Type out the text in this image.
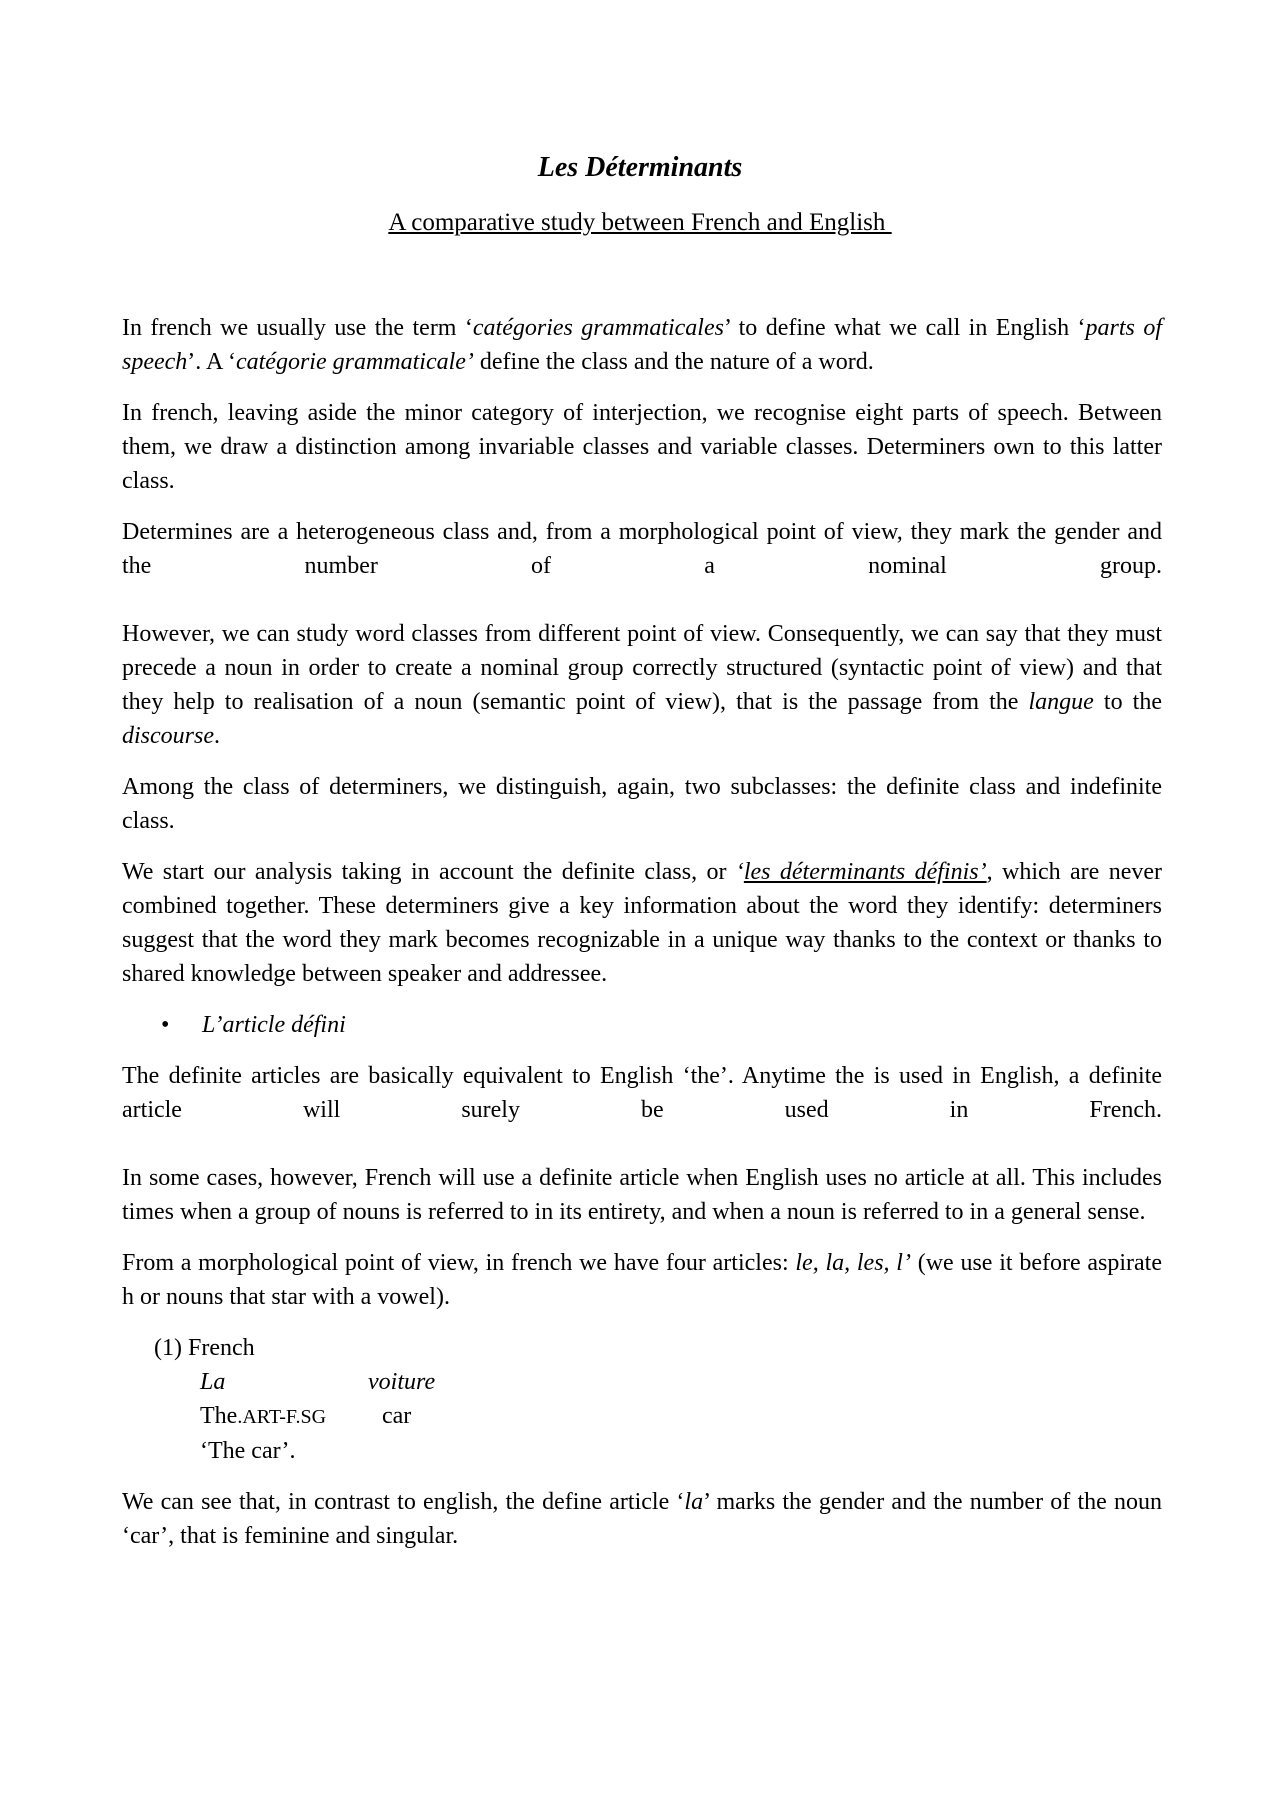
Les Déterminants
A comparative study between French and English

In french we usually use the term ‘catégories grammaticales’ to define what we call in English ‘parts of speech’. A ‘catégorie grammaticale’ define the class and the nature of a word.

In french, leaving aside the minor category of interjection, we recognise eight parts of speech. Between them, we draw a distinction among invariable classes and variable classes. Determiners own to this latter class.

Determines are a heterogeneous class and, from a morphological point of view, they mark the gender and the number of a nominal group.

However, we can study word classes from different point of view. Consequently, we can say that they must precede a noun in order to create a nominal group correctly structured (syntactic point of view) and that they help to realisation of a noun (semantic point of view), that is the passage from the langue to the discourse.

Among the class of determiners, we distinguish, again, two subclasses: the definite class and indefinite class.

We start our analysis taking in account the definite class, or ‘les déterminants définis’, which are never combined together. These determiners give a key information about the word they identify: determiners suggest that the word they mark becomes recognizable in a unique way thanks to the context or thanks to shared knowledge between speaker and addressee.

•	L’article défini

The definite articles are basically equivalent to English ‘the’. Anytime the is used in English, a definite article will surely be used in French.

In some cases, however, French will use a definite article when English uses no article at all. This includes times when a group of nouns is referred to in its entirety, and when a noun is referred to in a general sense.

From a morphological point of view, in french we have four articles: le, la, les, l’ (we use it before aspirate h or nouns that star with a vowel).

(1) French
La	voiture
The.ART-F.SG	car
‘The car’.

We can see that, in contrast to english, the define article ‘la’ marks the gender and the number of the noun ‘car’, that is feminine and singular.
